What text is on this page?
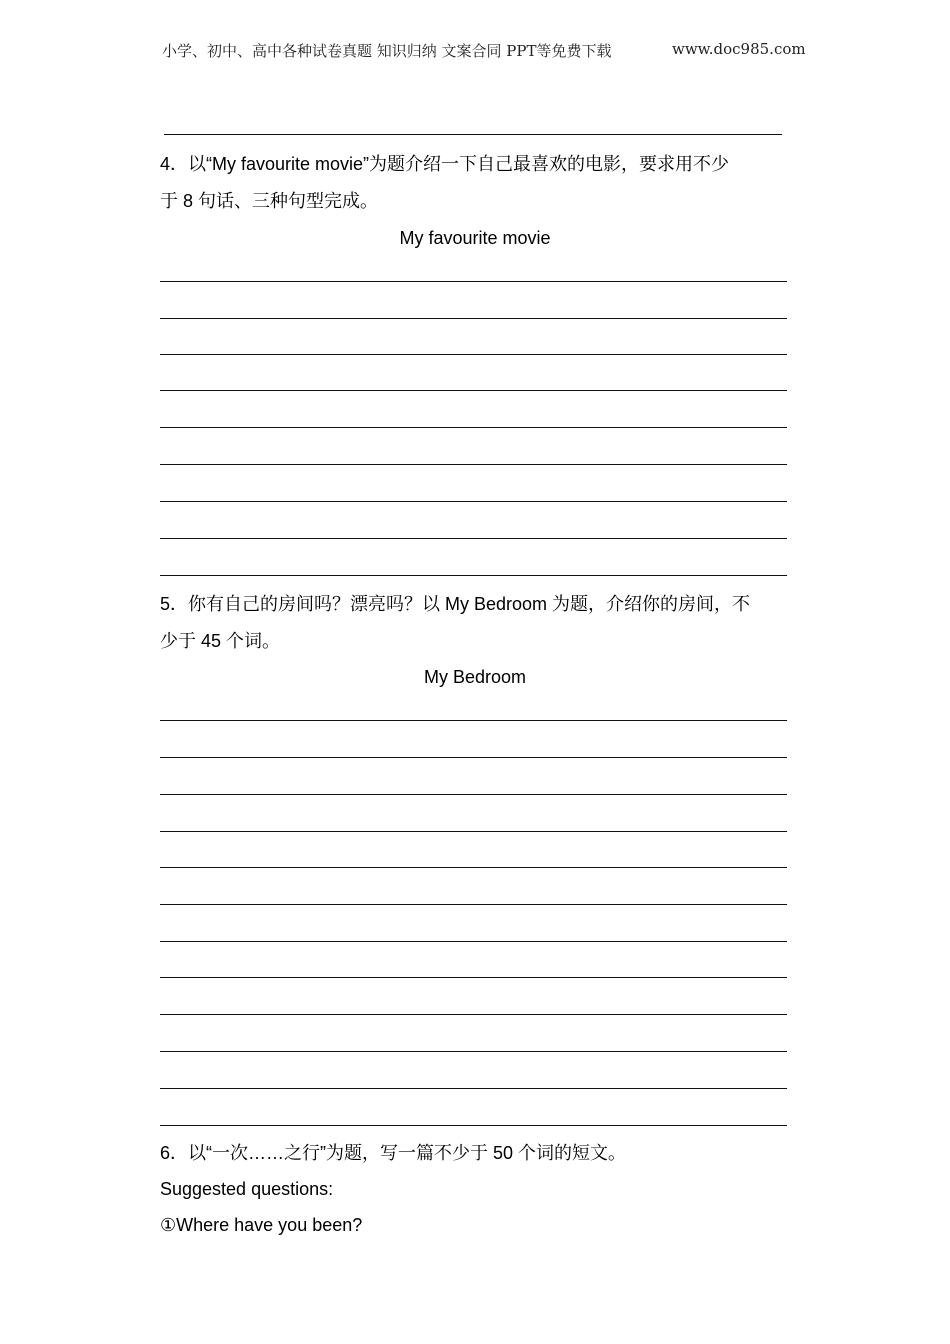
小学、初中、高中各种试卷真题 知识归纳 文案合同 PPT等免费下载	www.doc985.com
4．以“My favourite movie”为题介绍一下自己最喜欢的电影，要求用不少
于 8 句话、三种句型完成。
My favourite movie
5．你有自己的房间吗？漂亮吗？以 My Bedroom 为题，介绍你的房间，不
少于 45 个词。
My Bedroom
6．以“一次……之行”为题，写一篇不少于 50 个词的短文。
Suggested questions:
①Where have you been?
